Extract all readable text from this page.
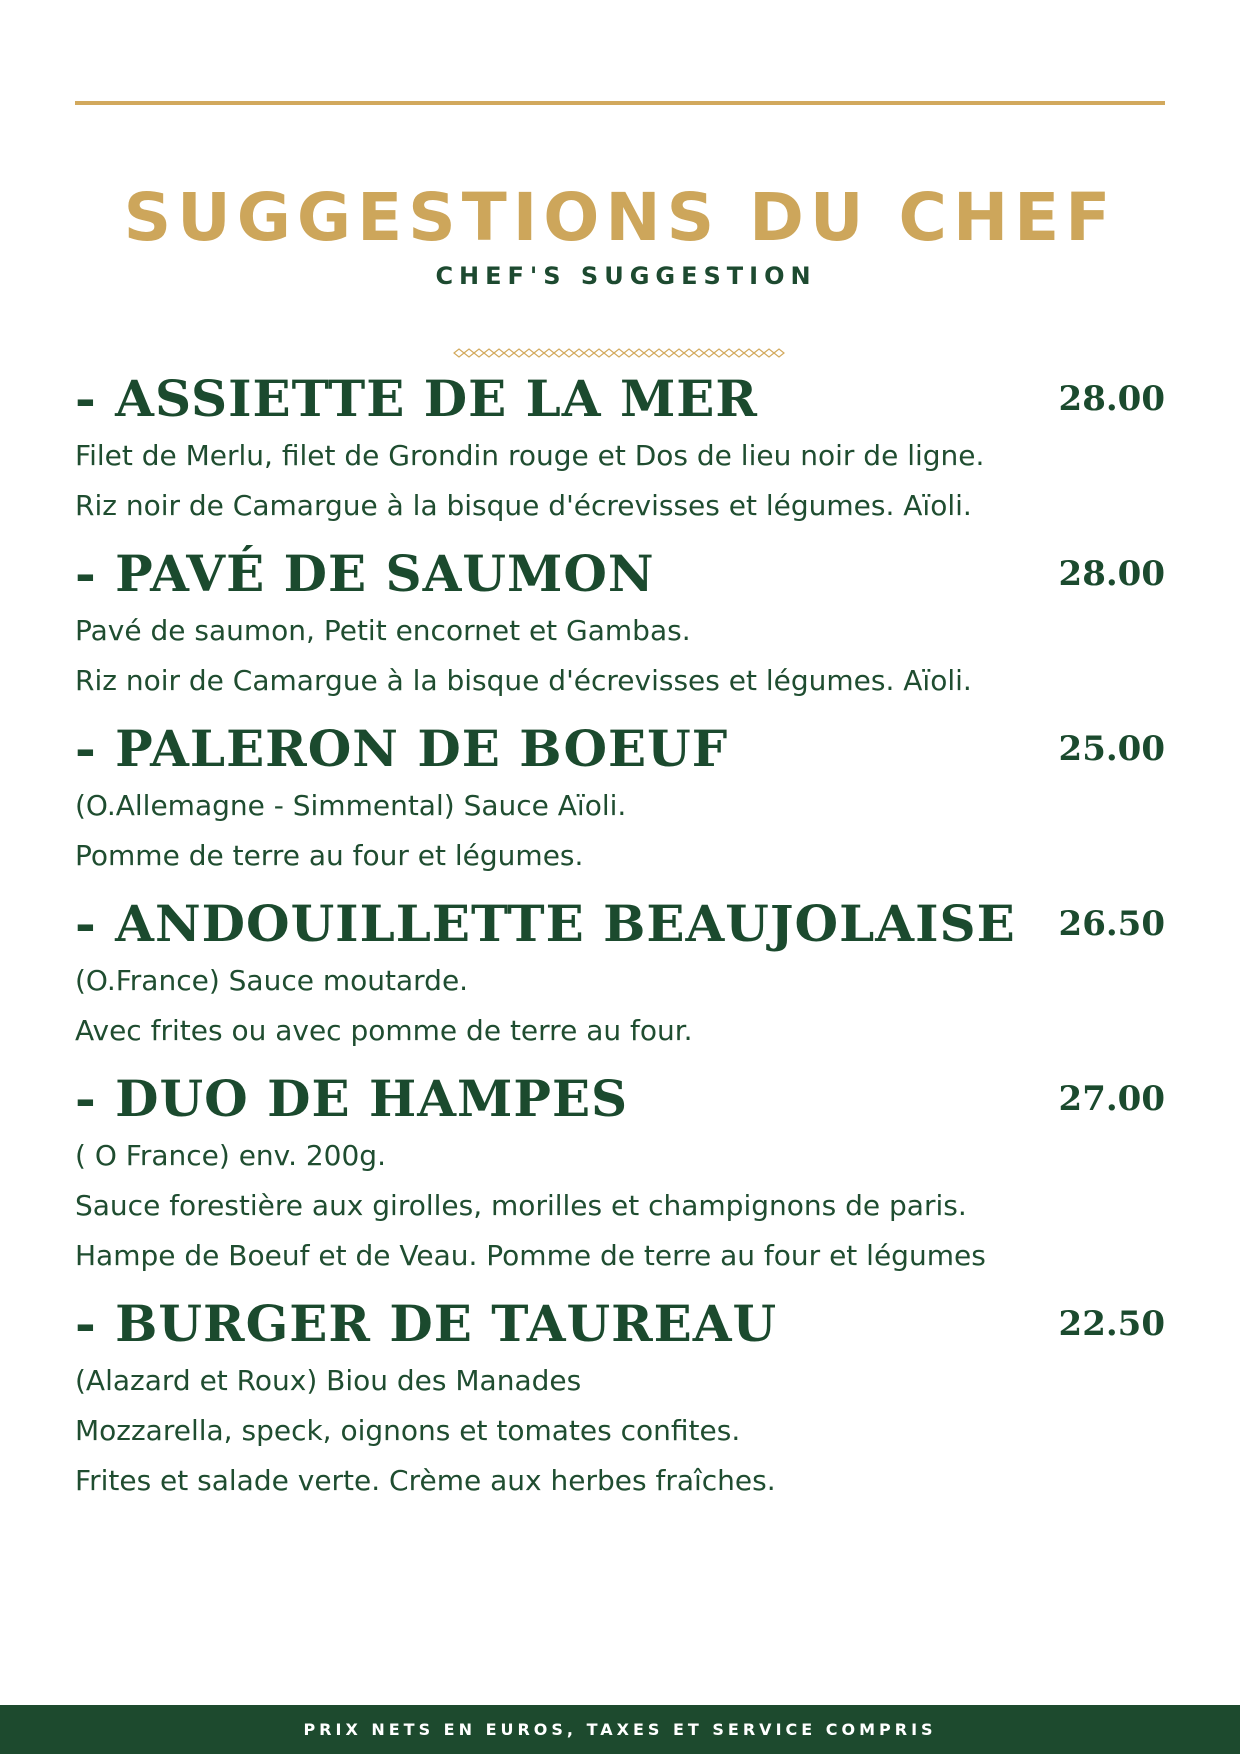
SUGGESTIONS DU CHEF
CHEF'S SUGGESTION
- ASSIETTE DE LA MER	28.00
Filet de Merlu, filet de Grondin rouge et Dos de lieu noir de ligne.
Riz noir de Camargue à la bisque d'écrevisses et légumes. Aïoli.
- PAVÉ DE SAUMON	28.00
Pavé de saumon, Petit encornet et Gambas.
Riz noir de Camargue à la bisque d'écrevisses et légumes. Aïoli.
- PALERON DE BOEUF	25.00
(O.Allemagne - Simmental) Sauce Aïoli.
Pomme de terre au four et légumes.
- ANDOUILLETTE BEAUJOLAISE 26.50
(O.France) Sauce moutarde.
Avec frites ou avec pomme de terre au four.
- DUO DE HAMPES	27.00
( O France) env. 200g.
Sauce forestière aux girolles, morilles et champignons de paris.
Hampe de Boeuf et de Veau. Pomme de terre au four et légumes
- BURGER DE TAUREAU	22.50
(Alazard et Roux) Biou des Manades
Mozzarella, speck, oignons et tomates confites.
Frites et salade verte. Crème aux herbes fraîches.
PRIX NETS EN EUROS, TAXES ET SERVICE COMPRIS
